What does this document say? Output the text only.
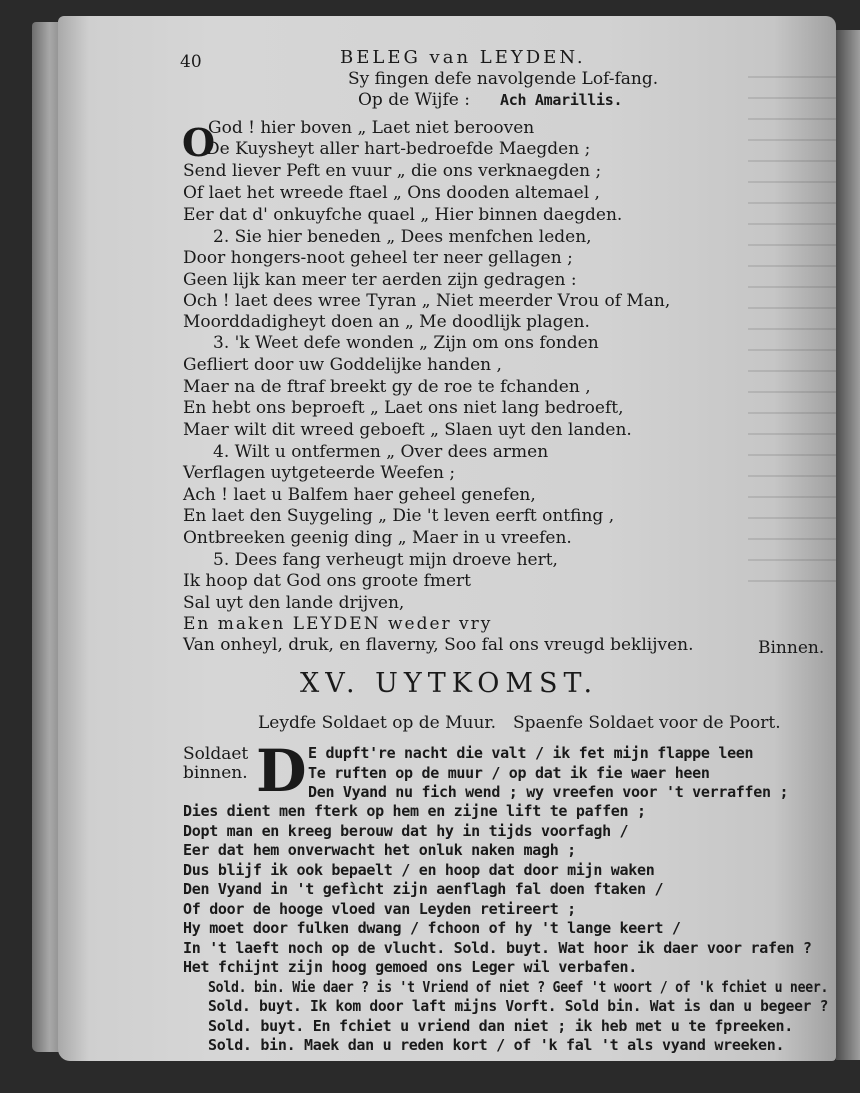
40	BELEG van LEYDEN.
Sy fingen defe navolgende Lof-fang.
Op de Wijfe : Ach Amarillis.
O
God ! hier boven „ Laet niet berooven
De Kuysheyt aller hart-bedroefde Maegden ;
Send liever Peft en vuur „ die ons verknaegden ;
Of laet het wreede ftael „ Ons dooden altemael ,
Eer dat d' onkuyfche quael „ Hier binnen daegden.
2. Sie hier beneden „ Dees menfchen leden,
Door hongers-noot geheel ter neer gellagen ;
Geen lijk kan meer ter aerden zijn gedragen :
Och ! laet dees wree Tyran „ Niet meerder Vrou of Man,
Moorddadigheyt doen an „ Me doodlijk plagen.
3. 'k Weet defe wonden „ Zijn om ons fonden
Gefliert door uw Goddelijke handen ,
Maer na de ftraf breekt gy de roe te fchanden ,
En hebt ons beproeft „ Laet ons niet lang bedroeft,
Maer wilt dit wreed geboeft „ Slaen uyt den landen.
4. Wilt u ontfermen „ Over dees armen
Verflagen uytgeteerde Weefen ;
Ach ! laet u Balfem haer geheel genefen,
En laet den Suygeling „ Die 't leven eerft ontfing ,
Ontbreeken geenig ding „ Maer in u vreefen.
5. Dees fang verheugt mijn droeve hert,
Ik hoop dat God ons groote fmert
Sal uyt den lande drijven,
En maken LEYDEN weder vry
Van onheyl, druk, en flaverny, Soo fal ons vreugd beklijven.	Binnen.
XV. UYTKOMST.
Leydfe Soldaet op de Muur. Spaenfe Soldaet voor de Poort.
Soldaet
binnen. D E dupft're nacht die valt / ik fet mijn flappe leen
Te ruften op de muur / op dat ik fie waer heen
Den Vyand nu fich wend ; wy vreefen voor 't verraffen ;
Dies dient men fterk op hem en zijne lift te paffen ;
Dopt man en kreeg berouw dat hy in tijds voorfagh /
Eer dat hem onverwacht het onluk naken magh ;
Dus blijf ik ook bepaelt / en hoop dat door mijn waken
Den Vyand in 't gefìcht zijn aenflagh fal doen ftaken /
Of door de hooge vloed van Leyden retireert ;
Hy moet door fulken dwang / fchoon of hy 't lange keert /
In 't laeft noch op de vlucht. Sold. buyt. Wat hoor ik daer voor rafen ?
Het fchijnt zijn hoog gemoed ons Leger wil verbafen.
Sold. bin. Wie daer ? is 't Vriend of niet ? Geef 't woort / of 'k fchiet u neer.
Sold. buyt. Ik kom door laft mijns Vorft. Sold bin. Wat is dan u begeer ?
Sold. buyt. En fchiet u vriend dan niet ; ik heb met u te fpreeken.
Sold. bin. Maek dan u reden kort / of 'k fal 't als vyand wreeken.
